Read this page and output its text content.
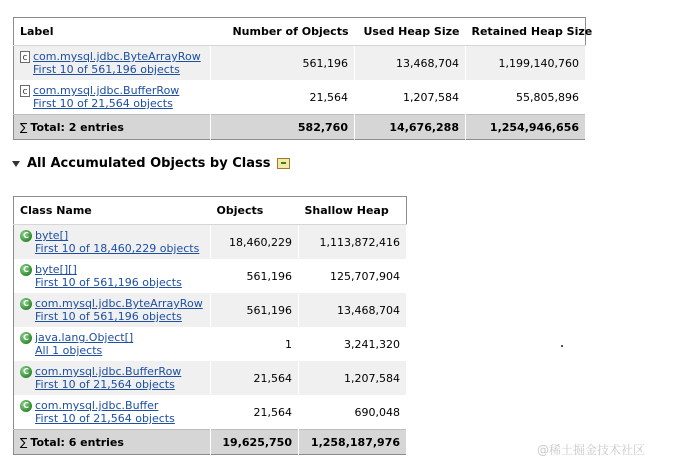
Label	Number of Objects	Used Heap Size	Retained Heap Size

c com.mysql.jdbc.ByteArrayRow
First 10 of 561,196 objects	561,196	13,468,704	1,199,140,760

c com.mysql.jdbc.BufferRow
First 10 of 21,564 objects	21,564	1,207,584	55,805,896
∑ Total: 2 entries	582,760	14,676,288	1,254,946,656
All Accumulated Objects by Class
Class Name	Objects	Shallow Heap

C byte[]
First 10 of 18,460,229 objects	18,460,229	1,113,872,416

C byte[][]
First 10 of 561,196 objects	561,196	125,707,904

C com.mysql.jdbc.ByteArrayRow
First 10 of 561,196 objects	561,196	13,468,704

C java.lang.Object[]
All 1 objects	1	3,241,320

C com.mysql.jdbc.BufferRow
First 10 of 21,564 objects	21,564	1,207,584

C com.mysql.jdbc.Buffer
First 10 of 21,564 objects	21,564	690,048
∑ Total: 6 entries	19,625,750	1,258,187,976
@稀土掘金技术社区
